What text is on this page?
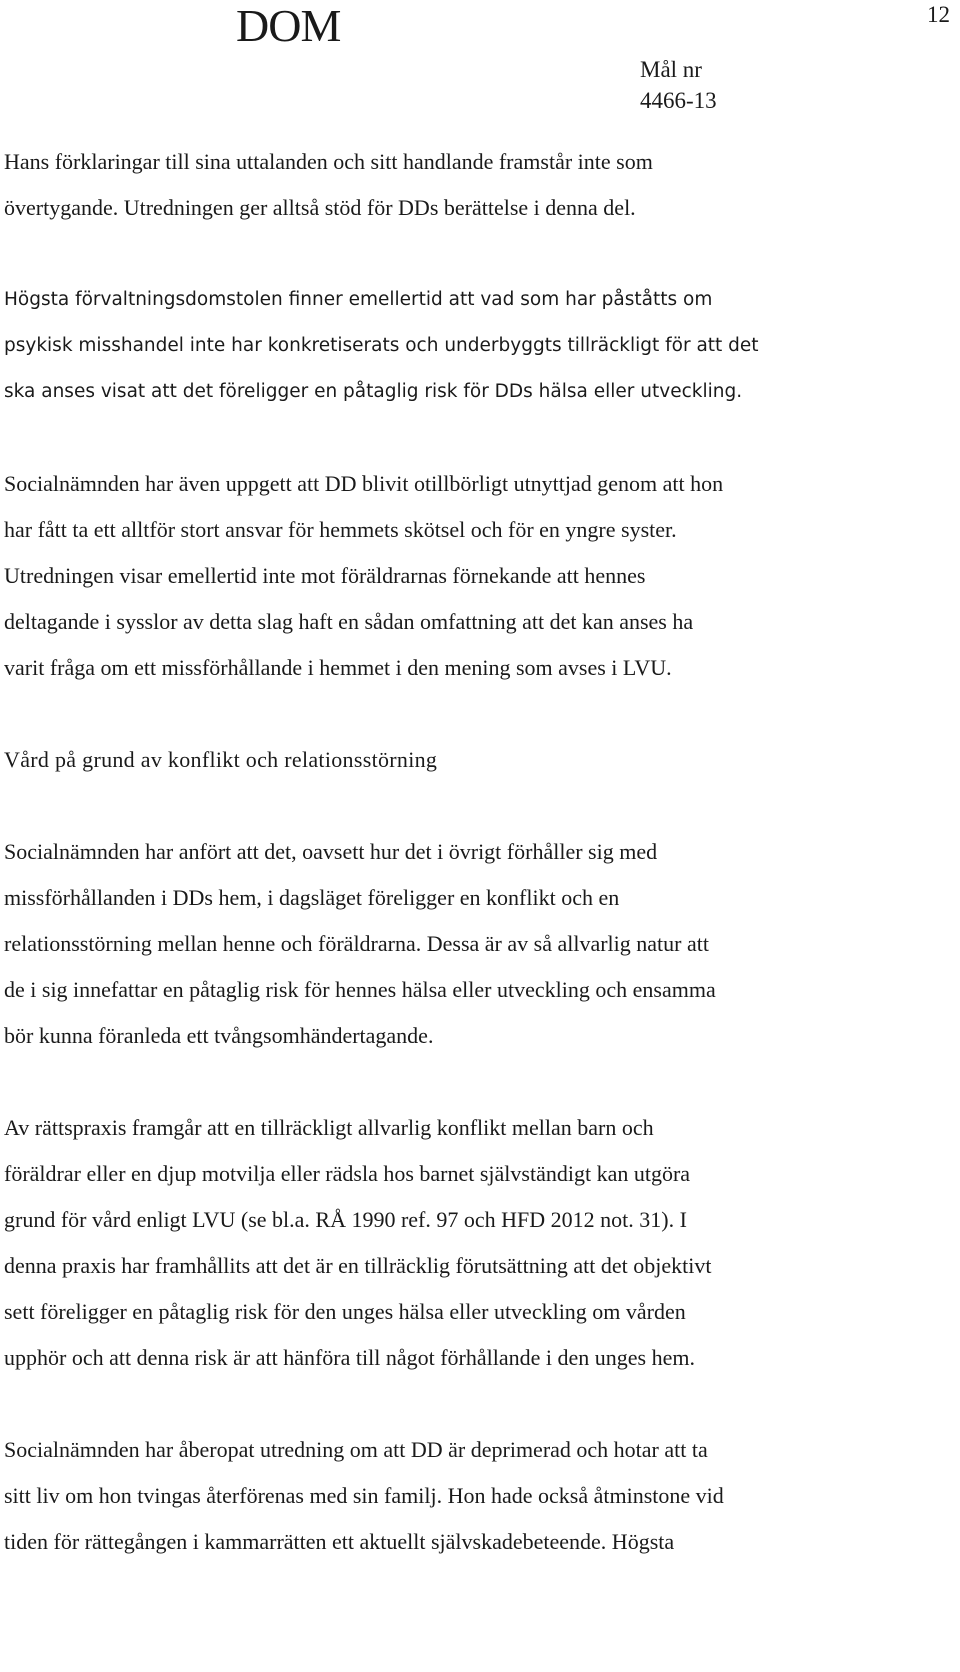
DOM	12
Mål nr
4466-13

Hans förklaringar till sina uttalanden och sitt handlande framstår inte som
övertygande. Utredningen ger alltså stöd för DDs berättelse i denna del.

Högsta förvaltningsdomstolen finner emellertid att vad som har påståtts om
psykisk misshandel inte har konkretiserats och underbyggts tillräckligt för att det
ska anses visat att det föreligger en påtaglig risk för DDs hälsa eller utveckling.

Socialnämnden har även uppgett att DD blivit otillbörligt utnyttjad genom att hon
har fått ta ett alltför stort ansvar för hemmets skötsel och för en yngre syster.
Utredningen visar emellertid inte mot föräldrarnas förnekande att hennes
deltagande i sysslor av detta slag haft en sådan omfattning att det kan anses ha
varit fråga om ett missförhållande i hemmet i den mening som avses i LVU.

Vård på grund av konflikt och relationsstörning

Socialnämnden har anfört att det, oavsett hur det i övrigt förhåller sig med
missförhållanden i DDs hem, i dagsläget föreligger en konflikt och en
relationsstörning mellan henne och föräldrarna. Dessa är av så allvarlig natur att
de i sig innefattar en påtaglig risk för hennes hälsa eller utveckling och ensamma
bör kunna föranleda ett tvångsomhändertagande.

Av rättspraxis framgår att en tillräckligt allvarlig konflikt mellan barn och
föräldrar eller en djup motvilja eller rädsla hos barnet självständigt kan utgöra
grund för vård enligt LVU (se bl.a. RÅ 1990 ref. 97 och HFD 2012 not. 31). I
denna praxis har framhållits att det är en tillräcklig förutsättning att det objektivt
sett föreligger en påtaglig risk för den unges hälsa eller utveckling om vården
upphör och att denna risk är att hänföra till något förhållande i den unges hem.

Socialnämnden har åberopat utredning om att DD är deprimerad och hotar att ta
sitt liv om hon tvingas återförenas med sin familj. Hon hade också åtminstone vid
tiden för rättegången i kammarrätten ett aktuellt självskadebeteende. Högsta
